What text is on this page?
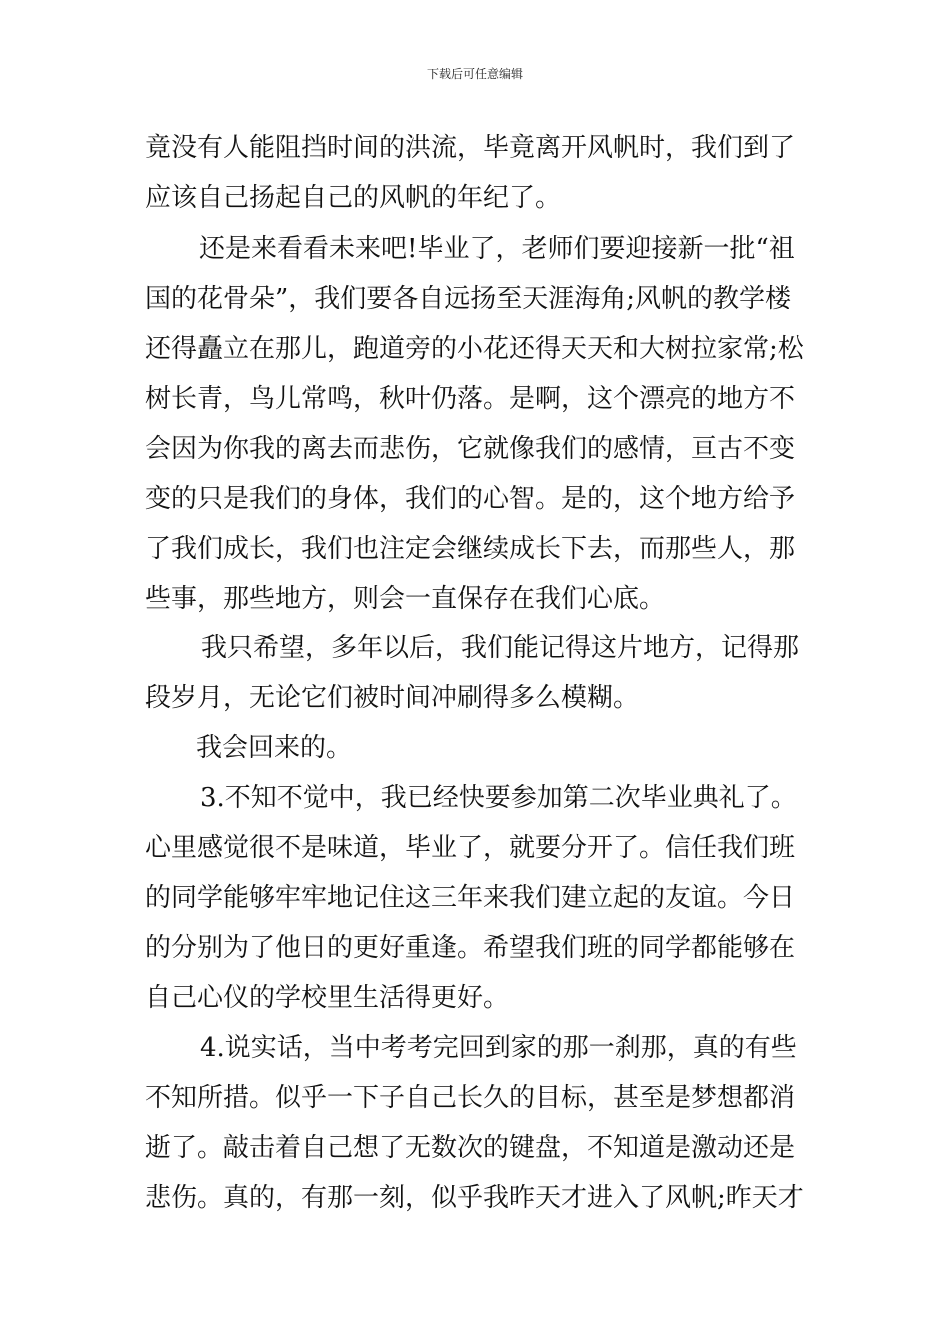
下载后可任意编辑
竟没有人能阻挡时间的洪流，毕竟离开风帆时，我们到了
应该自己扬起自己的风帆的年纪了。
还是来看看未来吧!毕业了，老师们要迎接新一批“祖
国的花骨朵”，我们要各自远扬至天涯海角;风帆的教学楼
还得矗立在那儿，跑道旁的小花还得天天和大树拉家常;松
树长青，鸟儿常鸣，秋叶仍落。是啊，这个漂亮的地方不
会因为你我的离去而悲伤，它就像我们的感情，亘古不变
变的只是我们的身体，我们的心智。是的，这个地方给予
了我们成长，我们也注定会继续成长下去，而那些人，那
些事，那些地方，则会一直保存在我们心底。
我只希望，多年以后，我们能记得这片地方，记得那
段岁月，无论它们被时间冲刷得多么模糊。
我会回来的。
3.不知不觉中，我已经快要参加第二次毕业典礼了。
心里感觉很不是味道，毕业了，就要分开了。信任我们班
的同学能够牢牢地记住这三年来我们建立起的友谊。今日
的分别为了他日的更好重逢。希望我们班的同学都能够在
自己心仪的学校里生活得更好。
4.说实话，当中考考完回到家的那一刹那，真的有些
不知所措。似乎一下子自己长久的目标，甚至是梦想都消
逝了。敲击着自己想了无数次的键盘，不知道是激动还是
悲伤。真的，有那一刻，似乎我昨天才进入了风帆;昨天才
